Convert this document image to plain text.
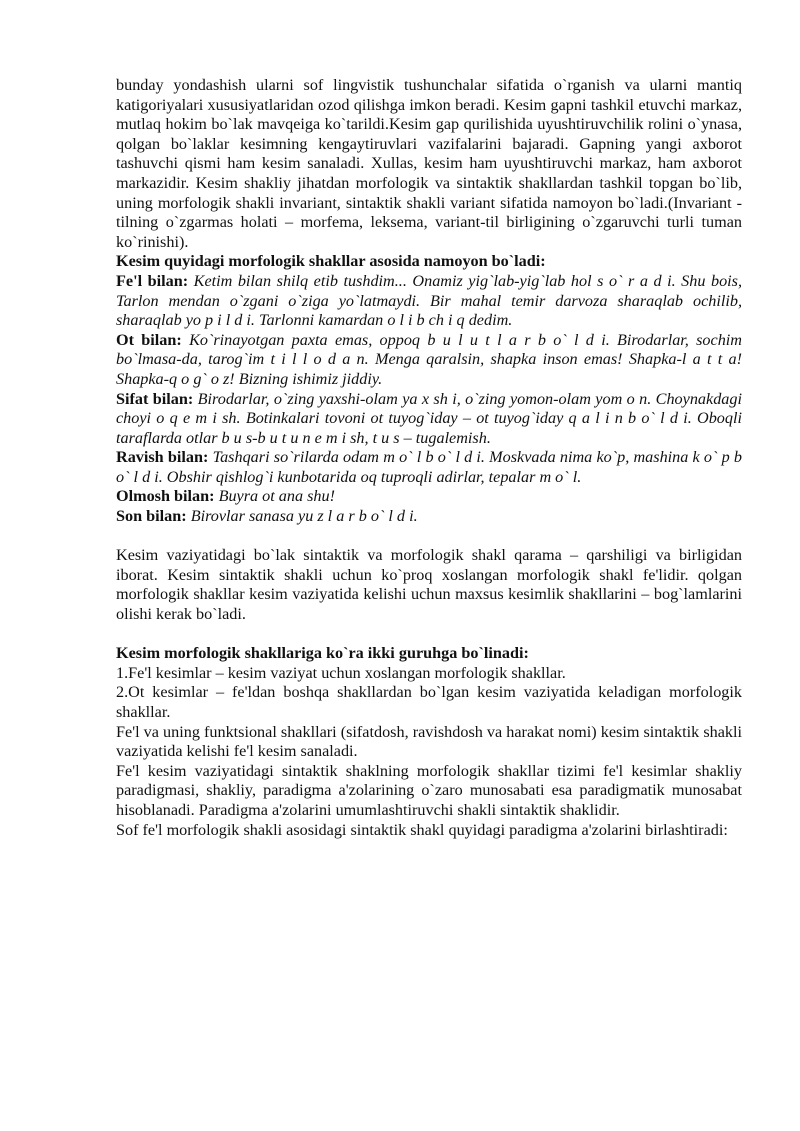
bunday yondashish ularni sof lingvistik tushunchalar sifatida o`rganish va ularni mantiq katigoriyalari xususiyatlaridan ozod qilishga imkon beradi. Kesim gapni tashkil etuvchi markaz, mutlaq hokim bo`lak mavqeiga ko`tarildi.Kesim gap qurilishida uyushtiruvchilik rolini o`ynasa, qolgan bo`laklar kesimning kengaytiruvlari vazifalarini bajaradi. Gapning yangi axborot tashuvchi qismi ham kesim sanaladi. Xullas, kesim ham uyushtiruvchi markaz, ham axborot markazidir. Kesim shakliy jihatdan morfologik va sintaktik shakllardan tashkil topgan bo`lib, uning morfologik shakli invariant, sintaktik shakli variant sifatida namoyon bo`ladi.(Invariant - tilning o`zgarmas holati – morfema, leksema, variant-til birligining o`zgaruvchi turli tuman ko`rinishi).

Kesim quyidagi morfologik shakllar asosida namoyon bo`ladi:

Fe'l bilan: Ketim bilan shilq etib tushdim... Onamiz yig`lab-yig`lab hol s o` r a d i. Shu bois, Tarlon mendan o`zgani o`ziga yo`latmaydi. Bir mahal temir darvoza sharaqlab ochilib, sharaqlab yo p i l d i. Tarlonni kamardan o l i b ch i q dedim.

Ot bilan: Ko`rinayotgan paxta emas, oppoq b u l u t l a r b o` l d i. Birodarlar, sochim bo`lmasa-da, tarog`im t i l l o d a n. Menga qaralsin, shapka inson emas! Shapka-l a t t a! Shapka-q o g` o z! Bizning ishimiz jiddiy.

Sifat bilan: Birodarlar, o`zing yaxshi-olam ya x sh i, o`zing yomon-olam yom o n. Choynakdagi choyi o q e m i sh. Botinkalari tovoni ot tuyog`iday – ot tuyog`iday q a l i n b o` l d i. Oboqli taraflarda otlar b u s-b u t u n e m i sh, t u s – tugalemish.

Ravish bilan: Tashqari so`rilarda odam m o` l b o` l d i. Moskvada nima ko`p, mashina k o` p b o` l d i. Obshir qishlog`i kunbotarida oq tuproqli adirlar, tepalar m o` l.

Olmosh bilan: Buyra ot ana shu!

Son bilan: Birovlar sanasa yu z l a r b o` l d i.

Kesim vaziyatidagi bo`lak sintaktik va morfologik shakl qarama – qarshiligi va birligidan iborat. Kesim sintaktik shakli uchun ko`proq xoslangan morfologik shakl fe'lidir. qolgan morfologik shakllar kesim vaziyatida kelishi uchun maxsus kesimlik shakllarini – bog`lamlarini olishi kerak bo`ladi.

Kesim morfologik shakllariga ko`ra ikki guruhga bo`linadi:

1.Fe'l kesimlar – kesim vaziyat uchun xoslangan morfologik shakllar.

2.Ot kesimlar – fe'ldan boshqa shakllardan bo`lgan kesim vaziyatida keladigan morfologik shakllar.

Fe'l va uning funktsional shakllari (sifatdosh, ravishdosh va harakat nomi) kesim sintaktik shakli vaziyatida kelishi fe'l kesim sanaladi.

Fe'l kesim vaziyatidagi sintaktik shaklning morfologik shakllar tizimi fe'l kesimlar shakliy paradigmasi, shakliy, paradigma a'zolarining o`zaro munosabati esa paradigmatik munosabat hisoblanadi. Paradigma a'zolarini umumlashtiruvchi shakli sintaktik shaklidir.

Sof fe'l morfologik shakli asosidagi sintaktik shakl quyidagi paradigma a'zolarini birlashtiradi:
